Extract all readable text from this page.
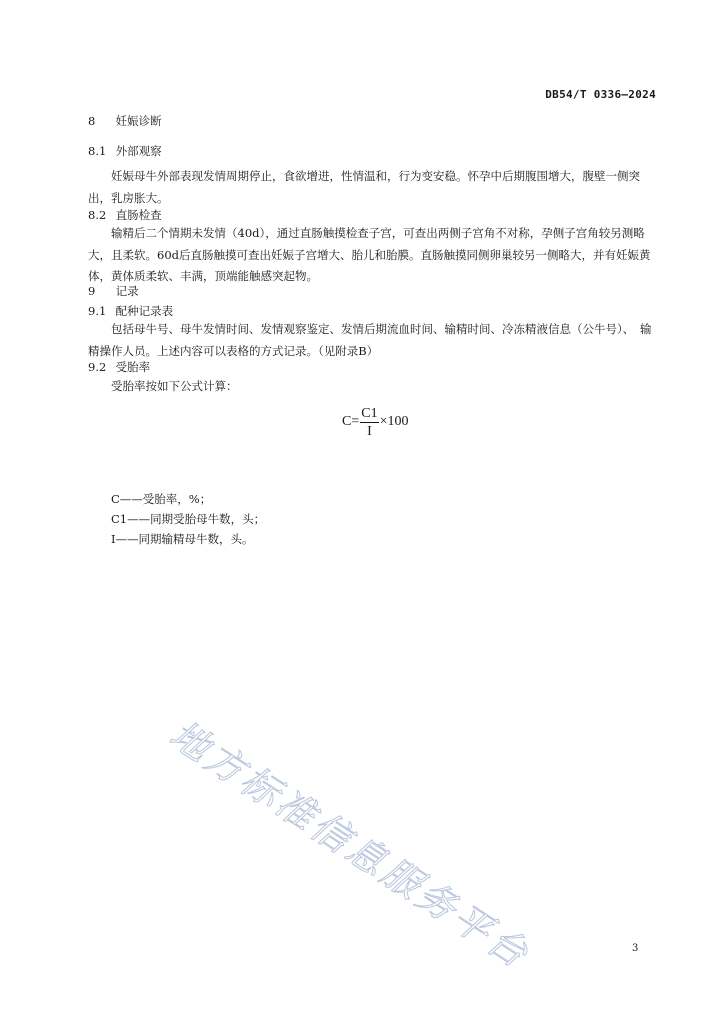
DB54/T 0336—2024
8 妊娠诊断
8.1 外部观察
妊娠母牛外部表现发情周期停止，食欲增进，性情温和，行为变安稳。怀孕中后期腹围增大，腹壁一侧突出，乳房胀大。
8.2 直肠检查
输精后二个情期未发情（40d），通过直肠触摸检查子宫，可查出两侧子宫角不对称，孕侧子宫角较另测略大，且柔软。60d后直肠触摸可查出妊娠子宫增大、胎儿和胎膜。直肠触摸同侧卵巢较另一侧略大，并有妊娠黄体，黄体质柔软、丰满，顶端能触感突起物。
9 记录
9.1 配种记录表
包括母牛号、母牛发情时间、发情观察鉴定、发情后期流血时间、输精时间、冷冻精液信息（公牛号）、　输精操作人员。上述内容可以表格的方式记录。（见附录B）
9.2 受胎率
受胎率按如下公式计算：
$C = \frac{C1}{I} \times 100$
C——受胎率，%；
C1——同期受胎母牛数，头；
I——同期输精母牛数，头。
地方标准信息服务平台	3
